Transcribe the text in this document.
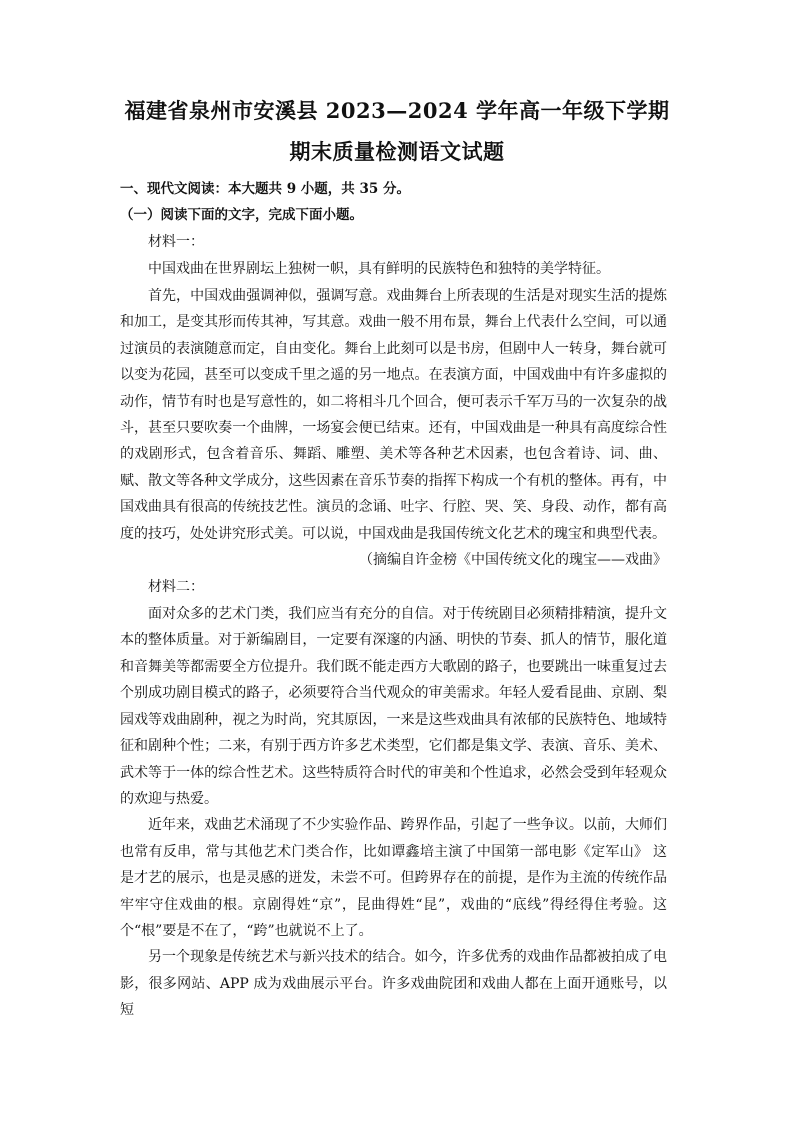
福建省泉州市安溪县 2023—2024 学年高一年级下学期
期末质量检测语文试题

一、现代文阅读：本大题共 9 小题，共 35 分。

（一）阅读下面的文字，完成下面小题。

材料一：

中国戏曲在世界剧坛上独树一帜，具有鲜明的民族特色和独特的美学特征。

首先，中国戏曲强调神似，强调写意。戏曲舞台上所表现的生活是对现实生活的提炼和加工，是变其形而传其神，写其意。戏曲一般不用布景，舞台上代表什么空间，可以通过演员的表演随意而定，自由变化。舞台上此刻可以是书房，但剧中人一转身，舞台就可以变为花园，甚至可以变成千里之遥的另一地点。在表演方面，中国戏曲中有许多虚拟的动作，情节有时也是写意性的，如二将相斗几个回合，便可表示千军万马的一次复杂的战斗，甚至只要吹奏一个曲牌，一场宴会便已结束。还有，中国戏曲是一种具有高度综合性的戏剧形式，包含着音乐、舞蹈、雕塑、美术等各种艺术因素，也包含着诗、词、曲、赋、散文等各种文学成分，这些因素在音乐节奏的指挥下构成一个有机的整体。再有，中国戏曲具有很高的传统技艺性。演员的念诵、吐字、行腔、哭、笑、身段、动作，都有高度的技巧，处处讲究形式美。可以说，中国戏曲是我国传统文化艺术的瑰宝和典型代表。

（摘编自许金榜《中国传统文化的瑰宝——戏曲》

材料二：

面对众多的艺术门类，我们应当有充分的自信。对于传统剧目必须精排精演，提升文本的整体质量。对于新编剧目，一定要有深邃的内涵、明快的节奏、抓人的情节，服化道和音舞美等都需要全方位提升。我们既不能走西方大歌剧的路子，也要跳出一味重复过去个别成功剧目模式的路子，必须要符合当代观众的审美需求。年轻人爱看昆曲、京剧、梨园戏等戏曲剧种，视之为时尚，究其原因，一来是这些戏曲具有浓郁的民族特色、地域特征和剧种个性；二来，有别于西方许多艺术类型，它们都是集文学、表演、音乐、美术、武术等于一体的综合性艺术。这些特质符合时代的审美和个性追求，必然会受到年轻观众的欢迎与热爱。

近年来，戏曲艺术涌现了不少实验作品、跨界作品，引起了一些争议。以前，大师们也常有反串，常与其他艺术门类合作，比如谭鑫培主演了中国第一部电影《定军山》 这是才艺的展示，也是灵感的迸发，未尝不可。但跨界存在的前提，是作为主流的传统作品牢牢守住戏曲的根。京剧得姓“京”，昆曲得姓“昆”，戏曲的“底线”得经得住考验。这个“根”要是不在了，“跨”也就说不上了。

另一个现象是传统艺术与新兴技术的结合。如今，许多优秀的戏曲作品都被拍成了电影，很多网站、APP 成为戏曲展示平台。许多戏曲院团和戏曲人都在上面开通账号，以短
